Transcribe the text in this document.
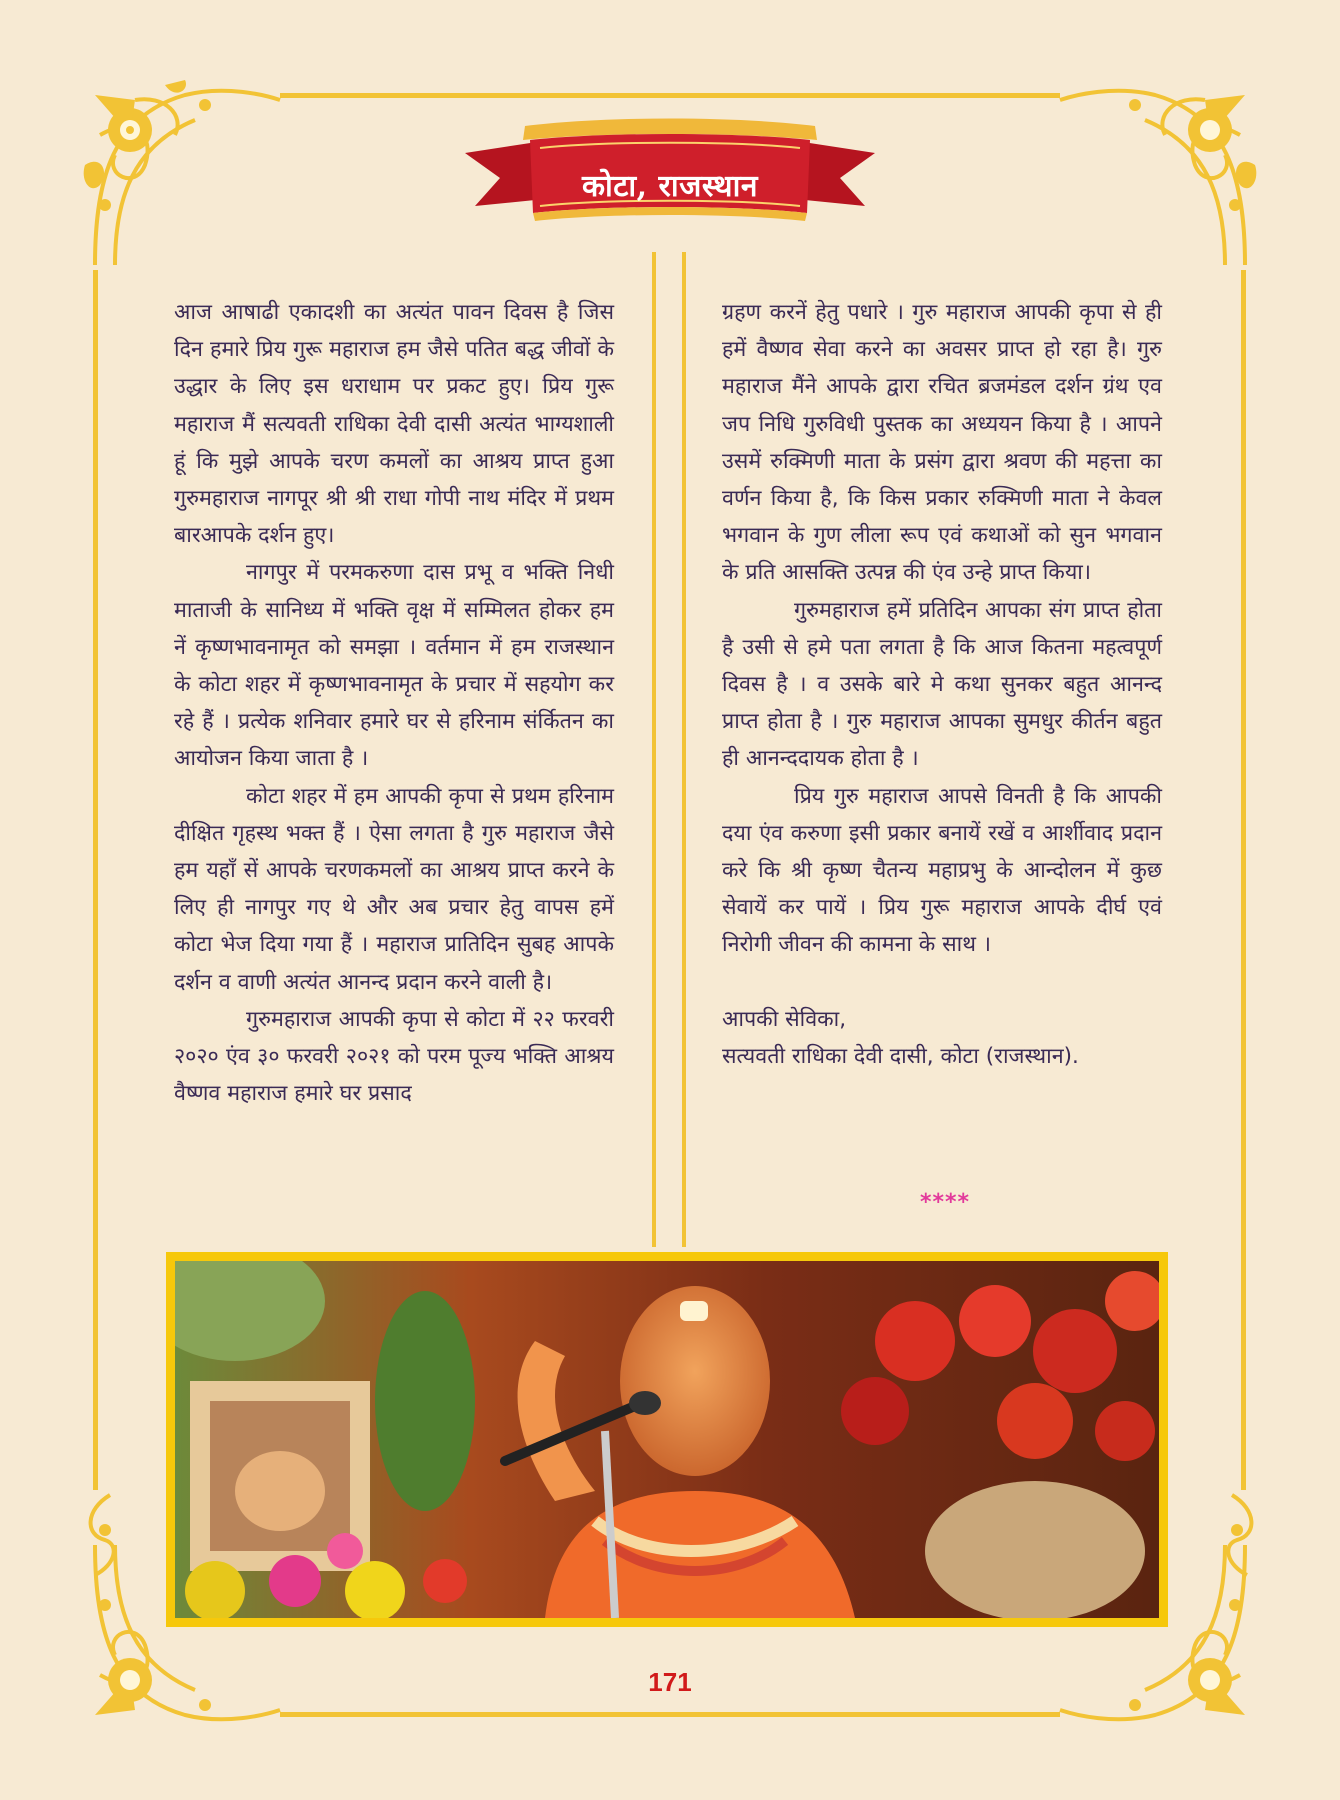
कोटा, राजस्थान

आज आषाढी एकादशी का अत्यंत पावन दिवस है जिस दिन हमारे प्रिय गुरू महाराज हम जैसे पतित बद्ध जीवों के उद्धार के लिए इस धराधाम पर प्रकट हुए। प्रिय गुरू महाराज मैं सत्यवती राधिका देवी दासी अत्यंत भाग्यशाली हूं कि मुझे आपके चरण कमलों का आश्रय प्राप्त हुआ गुरुमहाराज नागपूर श्री श्री राधा गोपी नाथ मंदिर में प्रथम बारआपके दर्शन हुए।

नागपुर में परमकरुणा दास प्रभू व भक्ति निधी माताजी के सानिध्य में भक्ति वृक्ष में सम्मिलत होकर हम नें कृष्णभावनामृत को समझा । वर्तमान में हम राजस्थान के कोटा शहर में कृष्णभावनामृत के प्रचार में सहयोग कर रहे हैं । प्रत्येक शनिवार हमारे घर से हरिनाम संर्कितन का आयोजन किया जाता है ।

कोटा शहर में हम आपकी कृपा से प्रथम हरिनाम दीक्षित गृहस्थ भक्त हैं । ऐसा लगता है गुरु महाराज जैसे हम यहाँ सें आपके चरणकमलों का आश्रय प्राप्त करने के लिए ही नागपुर गए थे और अब प्रचार हेतु वापस हमें कोटा भेज दिया गया हैं । महाराज प्रातिदिन सुबह आपके दर्शन व वाणी अत्यंत आनन्द प्रदान करने वाली है।

गुरुमहाराज आपकी कृपा से कोटा में २२ फरवरी २०२० एंव ३० फरवरी २०२१ को परम पूज्य भक्ति आश्रय वैष्णव महाराज हमारे घर प्रसाद

ग्रहण करनें हेतु पधारे । गुरु महाराज आपकी कृपा से ही हमें वैष्णव सेवा करने का अवसर प्राप्त हो रहा है। गुरु महाराज मैंने आपके द्वारा रचित ब्रजमंडल दर्शन ग्रंथ एव जप निधि गुरुविधी पुस्तक का अध्ययन किया है । आपने उसमें रुक्मिणी माता के प्रसंग द्वारा श्रवण की महत्ता का वर्णन किया है, कि किस प्रकार रुक्मिणी माता ने केवल भगवान के गुण लीला रूप एवं कथाओं को सुन भगवान के प्रति आसक्ति उत्पन्न की एंव उन्हे प्राप्त किया।

गुरुमहाराज हमें प्रतिदिन आपका संग प्राप्त होता है उसी से हमे पता लगता है कि आज कितना महत्वपूर्ण दिवस है । व उसके बारे मे कथा सुनकर बहुत आनन्द प्राप्त होता है । गुरु महाराज आपका सुमधुर कीर्तन बहुत ही आनन्ददायक होता है ।

प्रिय गुरु महाराज आपसे विनती है कि आपकी दया एंव करुणा इसी प्रकार बनायें रखें व आर्शीवाद प्रदान करे कि श्री कृष्ण चैतन्य महाप्रभु के आन्दोलन में कुछ सेवायें कर पायें । प्रिय गुरू महाराज आपके दीर्घ एवं निरोगी जीवन की कामना के साथ ।

आपकी सेविका,

सत्यवती राधिका देवी दासी, कोटा (राजस्थान).

****
171
